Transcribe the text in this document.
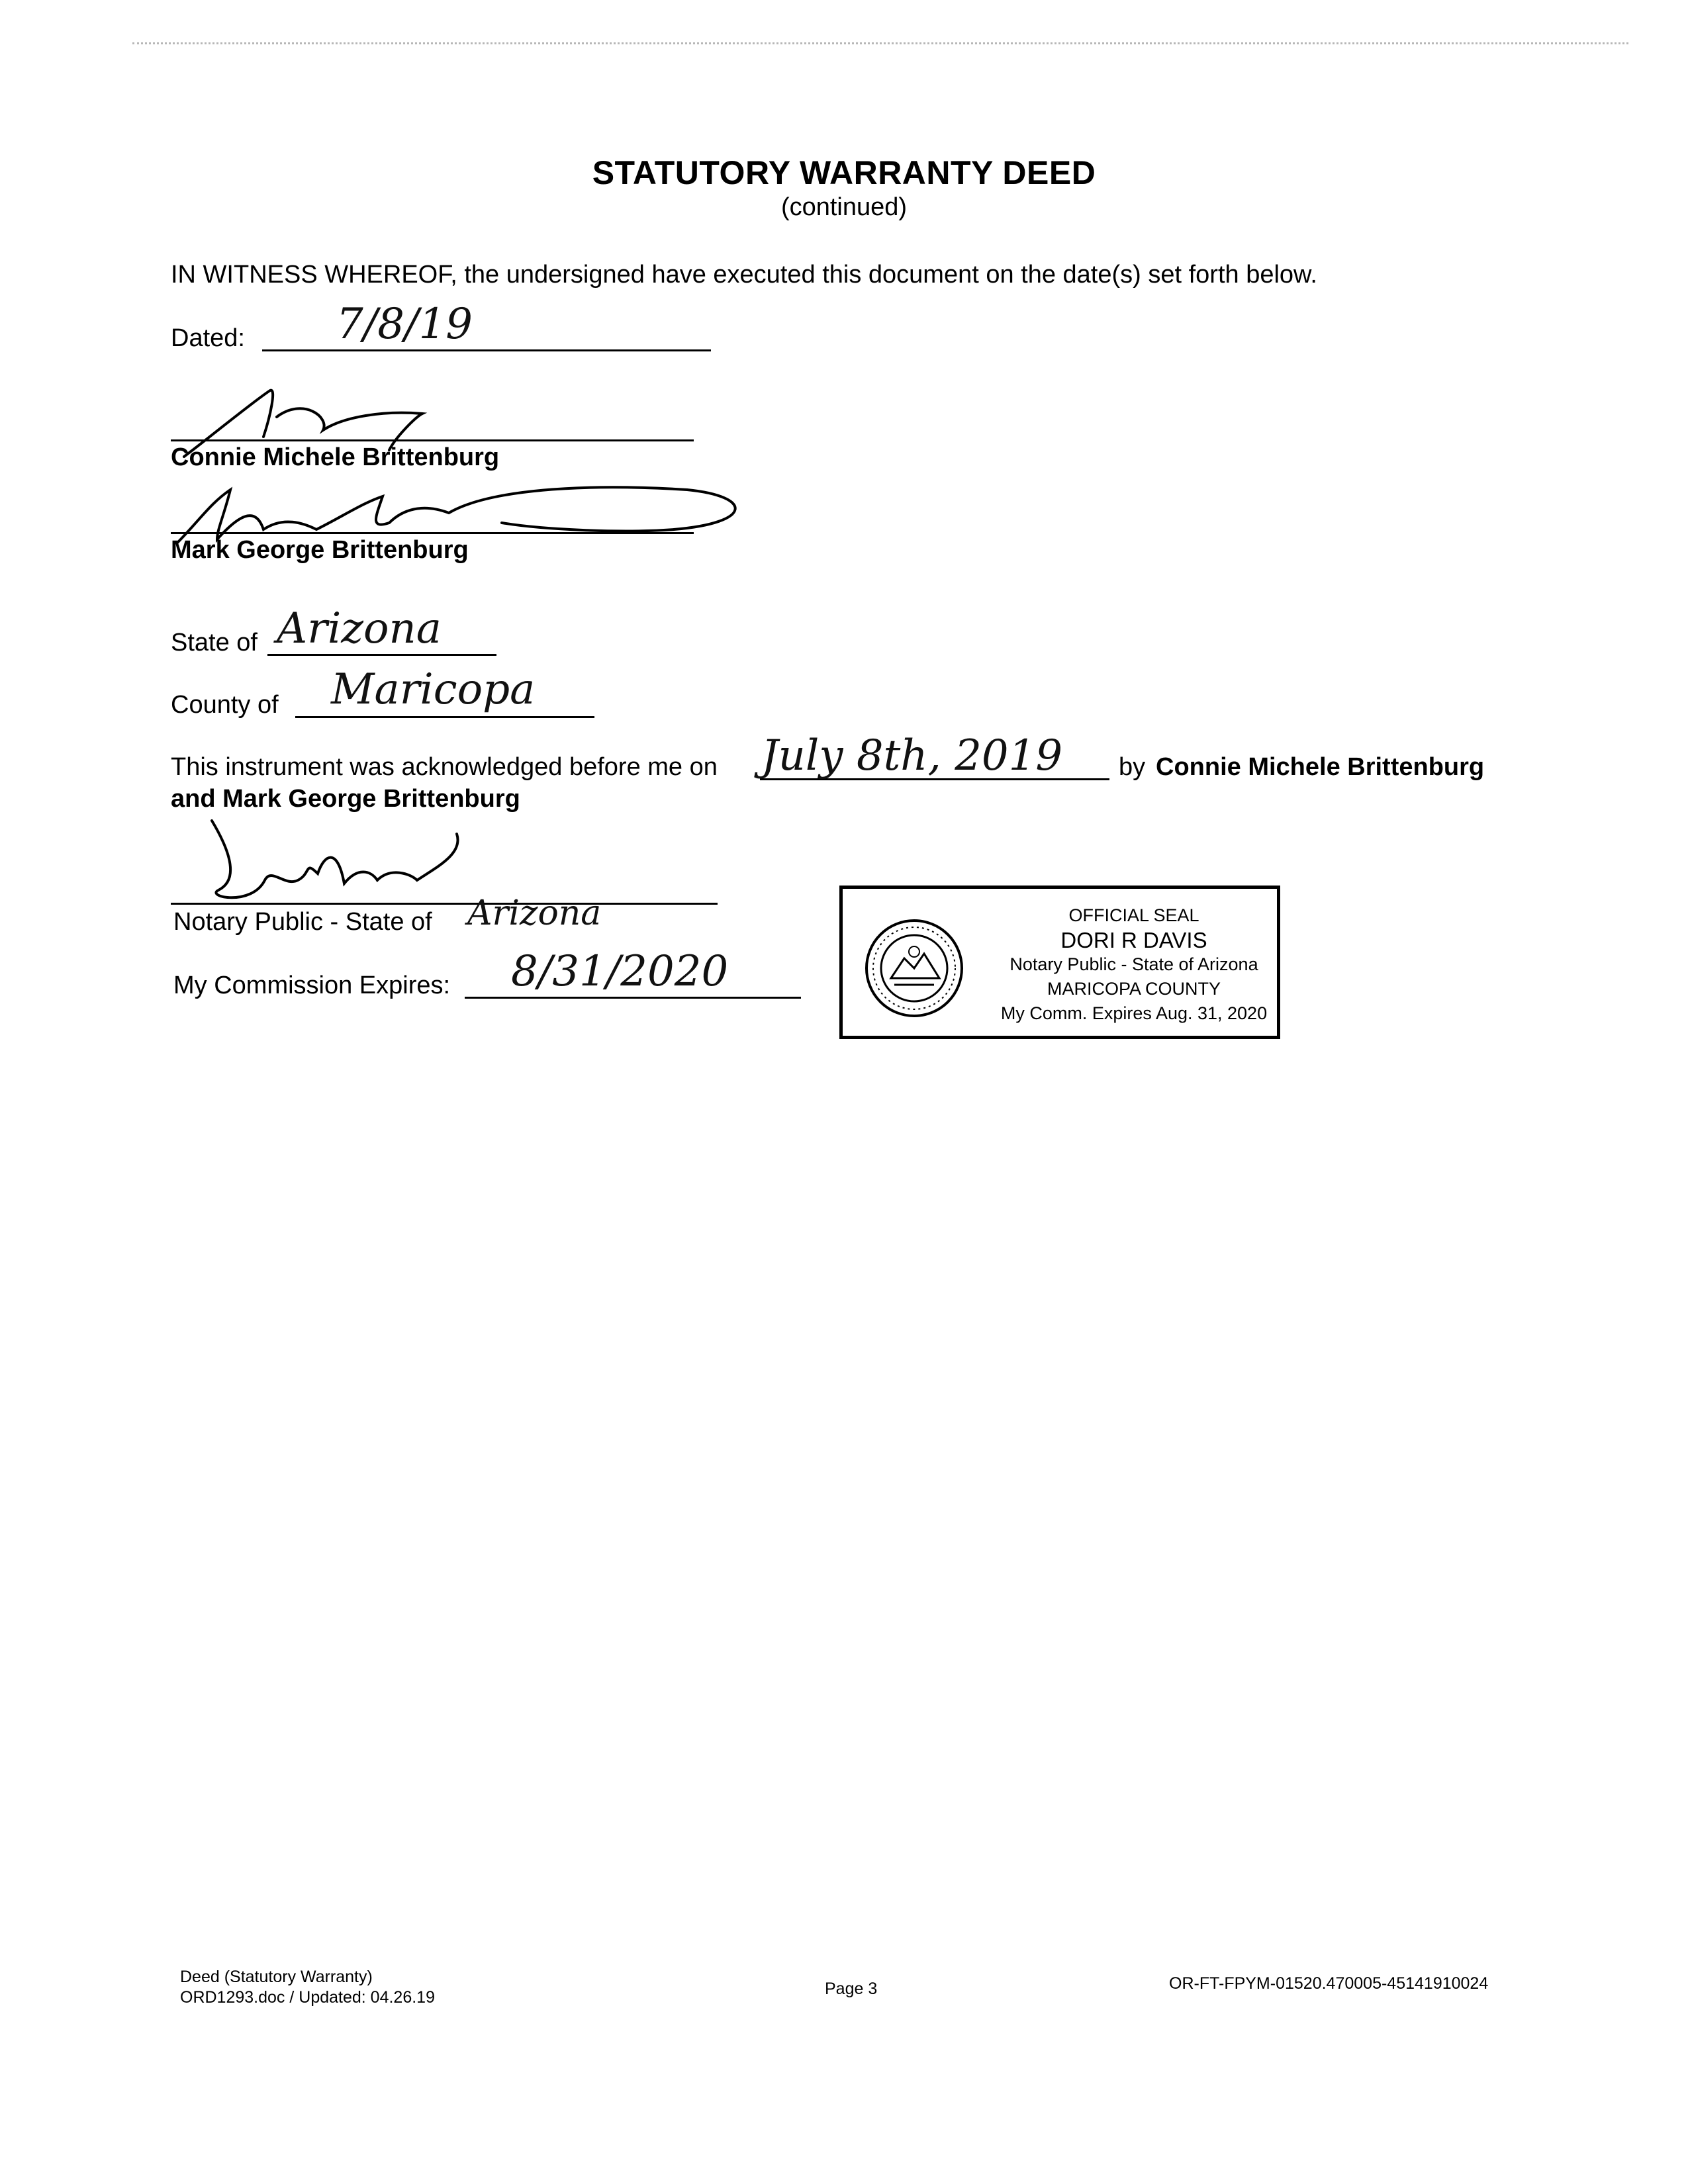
STATUTORY WARRANTY DEED
(continued)
IN WITNESS WHEREOF, the undersigned have executed this document on the date(s) set forth below.
Dated: 7/8/19
Connie Michele Brittenburg
Mark George Brittenburg
State of Arizona
County of Maricopa
This instrument was acknowledged before me on July 8th, 2019 by Connie Michele Brittenburg
and Mark George Brittenburg
Notary Public - State of Arizona
My Commission Expires: 8/31/2020
OFFICIAL SEAL
DORI R DAVIS
Notary Public - State of Arizona
MARICOPA COUNTY
My Comm. Expires Aug. 31, 2020
Deed (Statutory Warranty)
ORD1293.doc / Updated: 04.26.19	Page 3	OR-FT-FPYM-01520.470005-45141910024
